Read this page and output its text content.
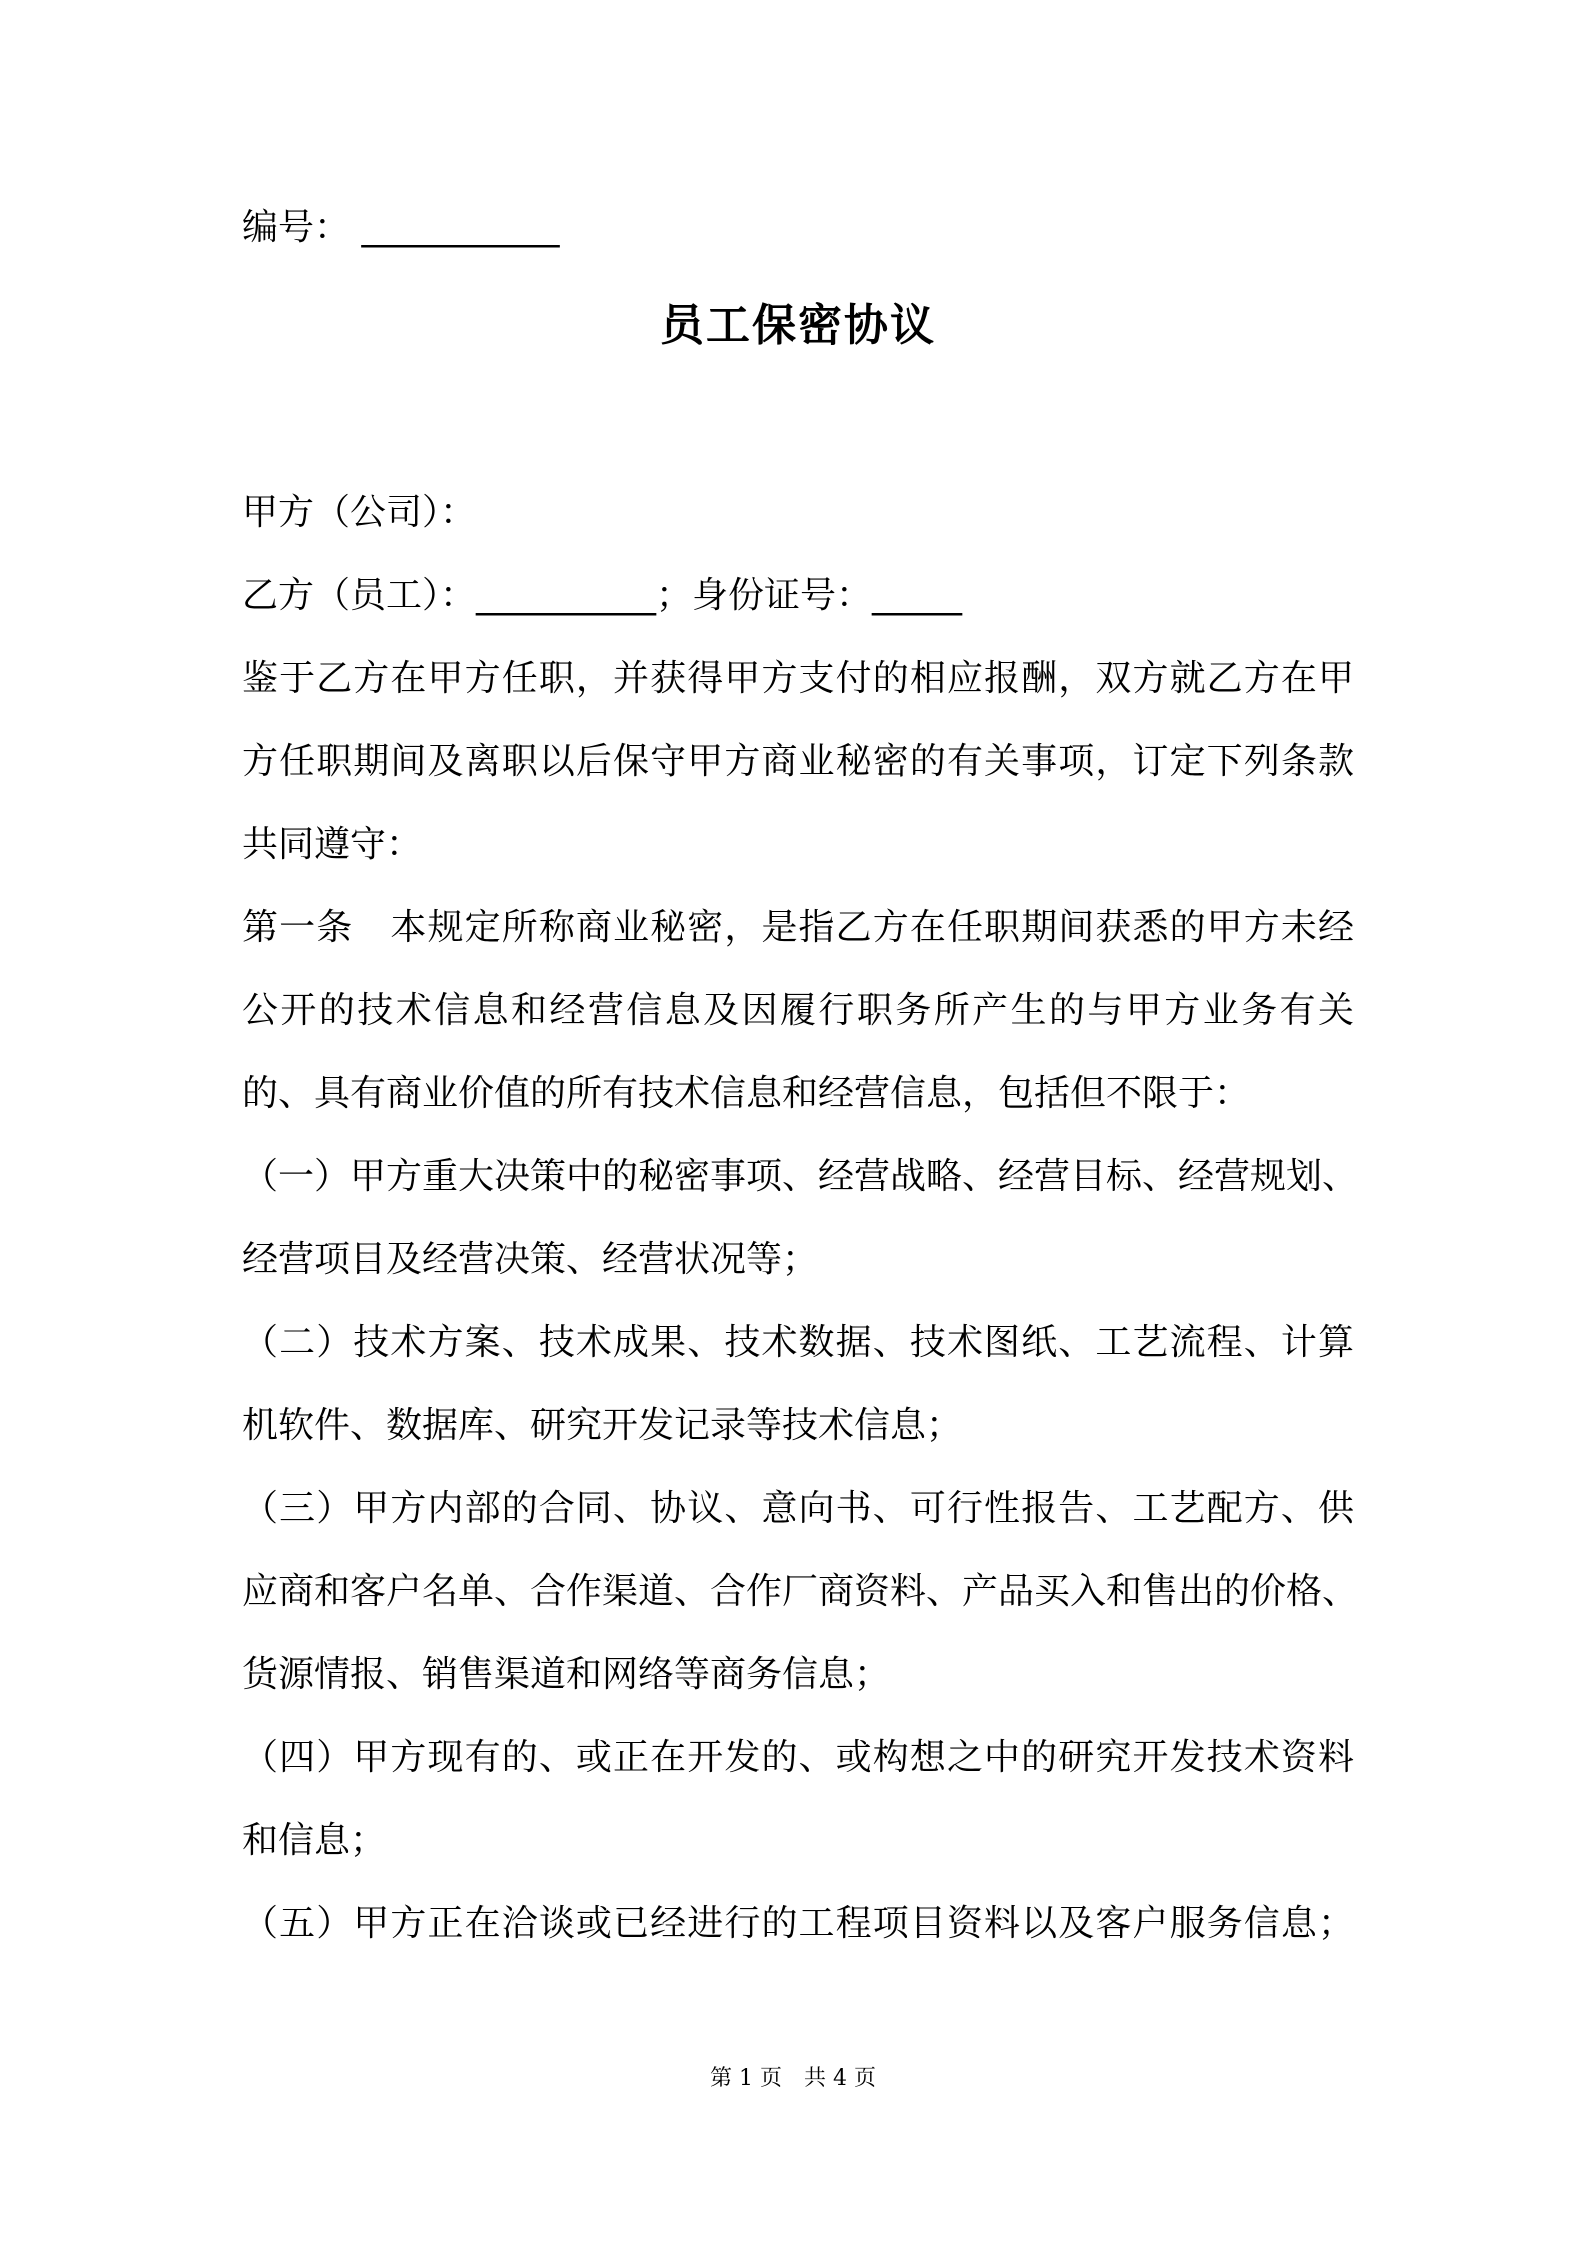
编号： ___________
员工保密协议
甲方（公司）：
乙方（员工）：__________；身份证号：_____
鉴于乙方在甲方任职，并获得甲方支付的相应报酬，双方就乙方在甲
方任职期间及离职以后保守甲方商业秘密的有关事项，订定下列条款
共同遵守：
第一条　本规定所称商业秘密，是指乙方在任职期间获悉的甲方未经
公开的技术信息和经营信息及因履行职务所产生的与甲方业务有关
的、具有商业价值的所有技术信息和经营信息，包括但不限于：
（一）甲方重大决策中的秘密事项、经营战略、经营目标、经营规划、
经营项目及经营决策、经营状况等；
（二）技术方案、技术成果、技术数据、技术图纸、工艺流程、计算
机软件、数据库、研究开发记录等技术信息；
（三）甲方内部的合同、协议、意向书、可行性报告、工艺配方、供
应商和客户名单、合作渠道、合作厂商资料、产品买入和售出的价格、
货源情报、销售渠道和网络等商务信息；
（四）甲方现有的、或正在开发的、或构想之中的研究开发技术资料
和信息；
（五）甲方正在洽谈或已经进行的工程项目资料以及客户服务信息；
第 1 页　共 4 页
